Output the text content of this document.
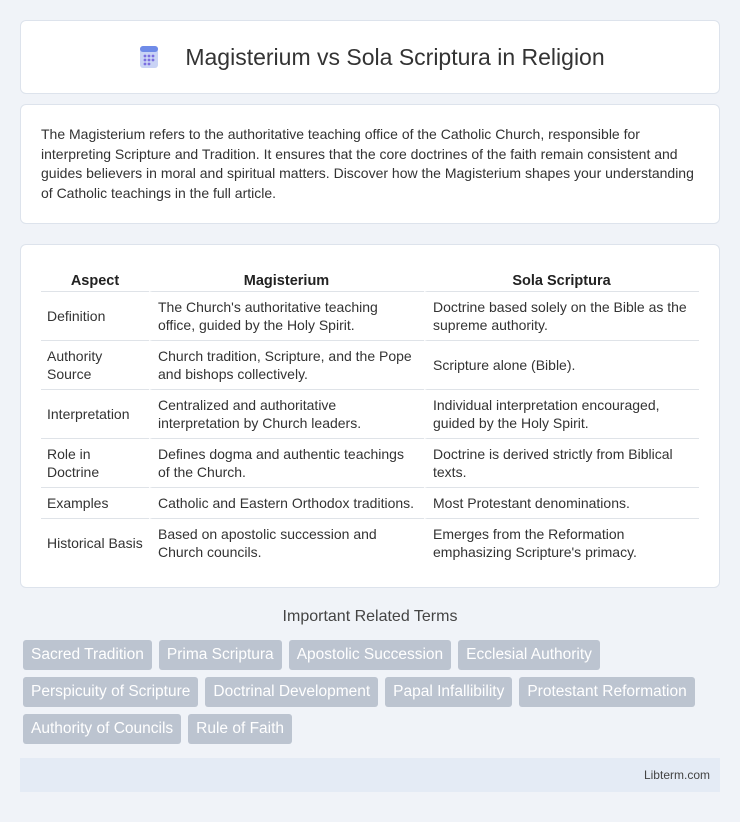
Magisterium vs Sola Scriptura in Religion

The Magisterium refers to the authoritative teaching office of the Catholic Church, responsible for interpreting Scripture and Tradition. It ensures that the core doctrines of the faith remain consistent and guides believers in moral and spiritual matters. Discover how the Magisterium shapes your understanding of Catholic teachings in the full article.

Aspect	Magisterium	Sola Scriptura
Definition	The Church's authoritative teaching office, guided by the Holy Spirit.	Doctrine based solely on the Bible as the supreme authority.
Authority Source	Church tradition, Scripture, and the Pope and bishops collectively.	Scripture alone (Bible).
Interpretation	Centralized and authoritative interpretation by Church leaders.	Individual interpretation encouraged, guided by the Holy Spirit.
Role in Doctrine	Defines dogma and authentic teachings of the Church.	Doctrine is derived strictly from Biblical texts.
Examples	Catholic and Eastern Orthodox traditions.	Most Protestant denominations.
Historical Basis	Based on apostolic succession and Church councils.	Emerges from the Reformation emphasizing Scripture's primacy.
Important Related Terms
Sacred Tradition	Prima Scriptura	Apostolic Succession	Ecclesial Authority
Perspicuity of Scripture	Doctrinal Development	Papal Infallibility	Protestant Reformation
Authority of Councils	Rule of Faith
Libterm.com
